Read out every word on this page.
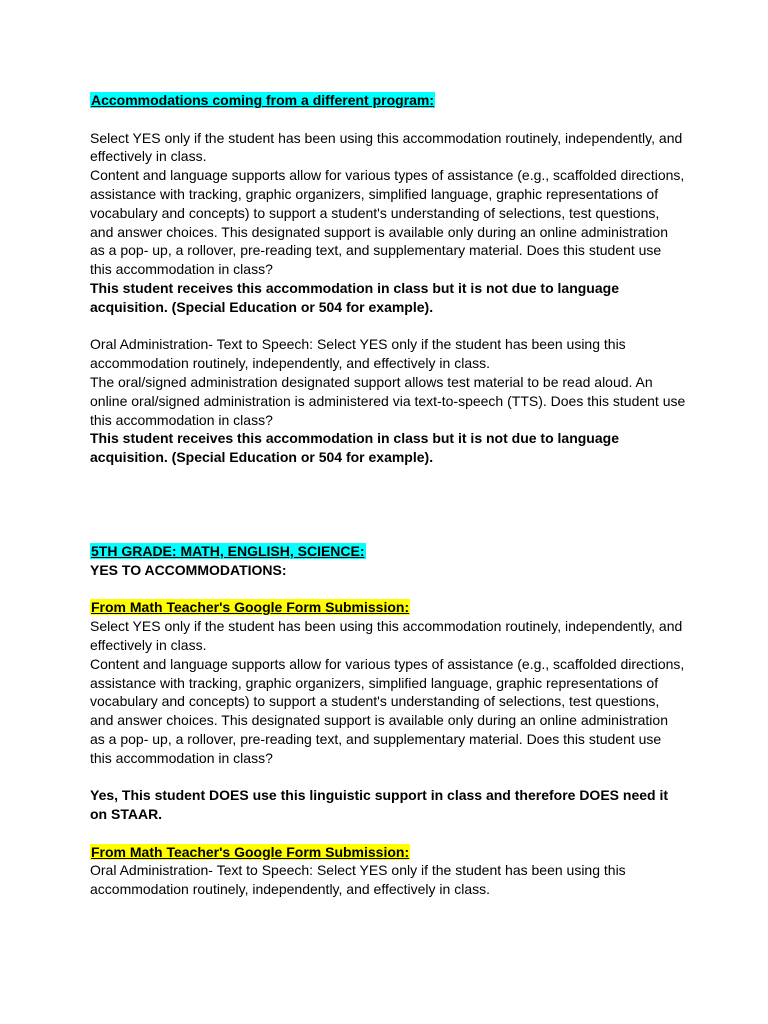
Accommodations coming from a different program:
Select YES only if the student has been using this accommodation routinely, independently, and
effectively in class.
Content and language supports allow for various types of assistance (e.g., scaffolded directions,
assistance with tracking, graphic organizers, simplified language, graphic representations of
vocabulary and concepts) to support a student's understanding of selections, test questions,
and answer choices. This designated support is available only during an online administration
as a pop- up, a rollover, pre-reading text, and supplementary material. Does this student use
this accommodation in class?
This student receives this accommodation in class but it is not due to language
acquisition. (Special Education or 504 for example).
Oral Administration- Text to Speech: Select YES only if the student has been using this
accommodation routinely, independently, and effectively in class.
The oral/signed administration designated support allows test material to be read aloud. An
online oral/signed administration is administered via text-to-speech (TTS). Does this student use
this accommodation in class?
This student receives this accommodation in class but it is not due to language
acquisition. (Special Education or 504 for example).
5TH GRADE: MATH, ENGLISH, SCIENCE:
YES TO ACCOMMODATIONS:
From Math Teacher's Google Form Submission:
Select YES only if the student has been using this accommodation routinely, independently, and
effectively in class.
Content and language supports allow for various types of assistance (e.g., scaffolded directions,
assistance with tracking, graphic organizers, simplified language, graphic representations of
vocabulary and concepts) to support a student's understanding of selections, test questions,
and answer choices. This designated support is available only during an online administration
as a pop- up, a rollover, pre-reading text, and supplementary material. Does this student use
this accommodation in class?
Yes, This student DOES use this linguistic support in class and therefore DOES need it
on STAAR.
From Math Teacher's Google Form Submission:
Oral Administration- Text to Speech: Select YES only if the student has been using this
accommodation routinely, independently, and effectively in class.
